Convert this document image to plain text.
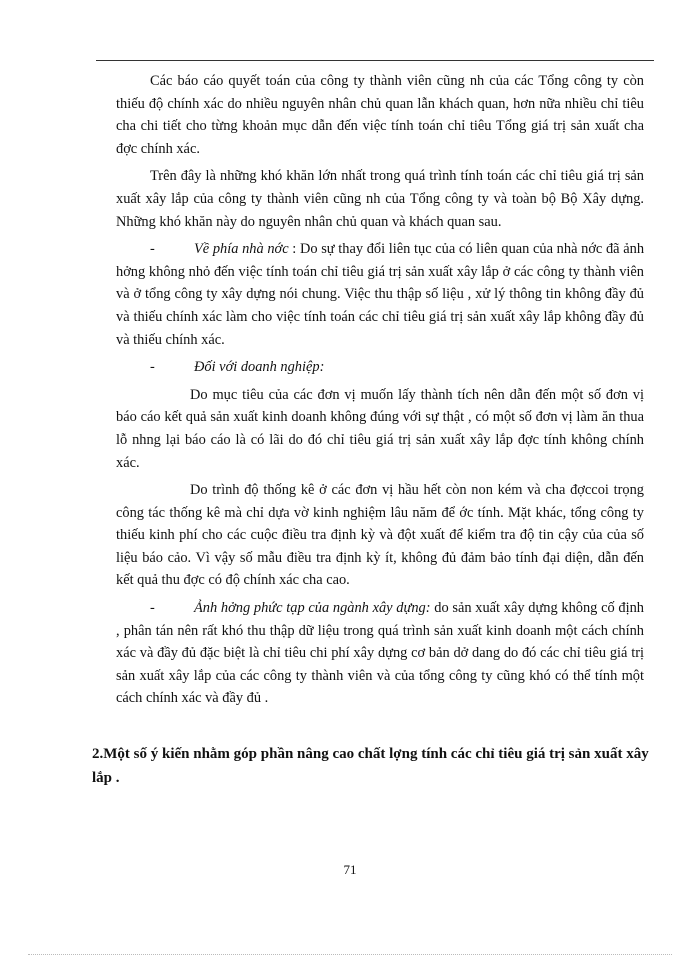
Các báo cáo quyết toán của công ty thành viên cũng nh của các Tổng công ty còn thiếu độ chính xác do nhiều nguyên nhân chủ quan lẫn khách quan, hơn nữa nhiều chỉ tiêu cha chi tiết cho từng khoản mục dẫn đến việc tính toán chỉ tiêu Tổng giá trị sản xuất cha đợc chính xác.

Trên đây là những khó khăn lớn nhất trong quá trình tính toán các chỉ tiêu giá trị sản xuất xây lắp của công ty thành viên cũng nh của Tổng công ty và toàn bộ Bộ Xây dựng. Những khó khăn này do nguyên nhân chủ quan và khách quan sau.

-	Về phía nhà nớc : Do sự thay đổi liên tục của có liên quan của nhà nớc đã ảnh hởng không nhỏ đến việc tính toán chỉ tiêu giá trị sản xuất xây lắp ở các công ty thành viên và ở tổng công ty xây dựng nói chung. Việc thu thập số liệu , xử lý thông tin không đầy đủ và thiếu chính xác làm cho việc tính toán các chỉ tiêu giá trị sản xuất xây lắp không đầy đủ và thiếu chính xác.

-	Đối với doanh nghiệp:

Do mục tiêu của các đơn vị muốn lấy thành tích nên dẫn đến một số đơn vị báo cáo kết quả sản xuất kinh doanh không đúng với sự thật , có một số đơn vị làm ăn thua lỗ nhng lại báo cáo là có lãi do đó chỉ tiêu giá trị sản xuất xây lắp đợc tính không chính xác.

Do trình độ thống kê ở các đơn vị hầu hết còn non kém và cha đợccoi trọng công tác thống kê mà chỉ dựa vờ kinh nghiệm lâu năm để ớc tính. Mặt khác, tổng công ty thiếu kinh phí cho các cuộc điều tra định kỳ và đột xuất để kiểm tra độ tin cậy của của số liệu báo cảo. Vì vậy số mẫu điều tra định kỳ ít, không đủ đảm bảo tính đại diện, dẫn đến kết quả thu đợc có độ chính xác cha cao.

-	Ảnh hởng phức tạp của ngành xây dựng: do sản xuất xây dựng không cố định , phân tán nên rất khó thu thập dữ liệu trong quá trình sản xuất kinh doanh một cách chính xác và đầy đủ đặc biệt là chỉ tiêu chi phí xây dựng cơ bản dở dang do đó các chỉ tiêu giá trị sản xuất xây lắp của các công ty thành viên và của tổng công ty cũng khó có thể tính một cách chính xác và đầy đủ .

2.Một số ý kiến nhằm góp phần nâng cao chất lợng tính các chỉ tiêu giá trị sản xuất xây lắp .
71
